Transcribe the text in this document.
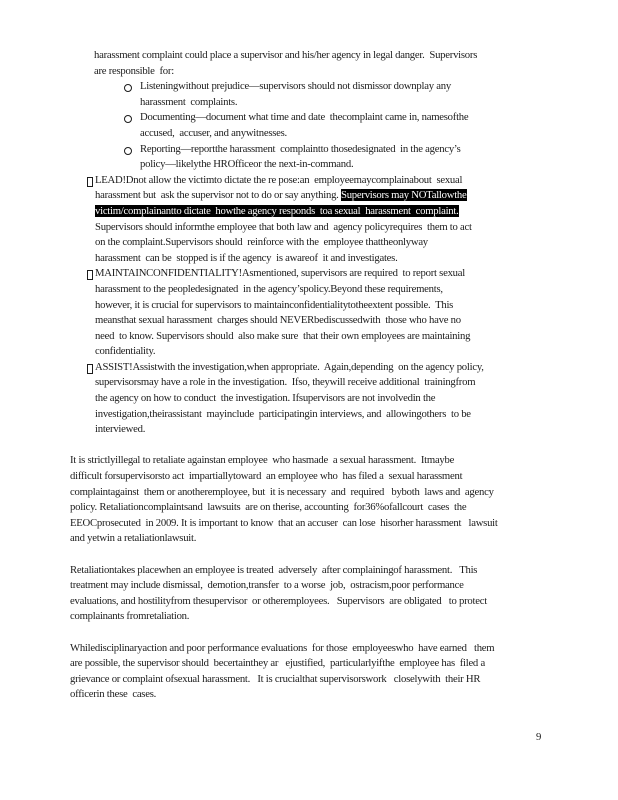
harassment complaint could place a supervisor and his/her agency in legal danger.  Supervisors
are responsible  for:
Listeningwithout prejudice—supervisors should not dismissor downplay any
harassment  complaints.
Documenting—document what time and date  thecomplaint came in, namesofthe
accused,  accuser, and anywitnesses.
Reporting—reportthe harassment  complaintto thosedesignated  in the agency’s
policy—likelythe HROfficeor the next-in-command.
LEAD!Dnot allow the victimto dictate the re pose:an  employeemaycomplainabout  sexual
harassment but  ask the supervisor not to do or say anything. Supervisors may NOTallowthe
victim/complainantto dictate  howthe agency responds  toa sexual  harassment  complaint.
Supervisors should informthe employee that both law and  agency policyrequires  them to act
on the complaint.Supervisors should  reinforce with the  employee thattheonlyway
harassment  can be  stopped is if the agency  is awareof  it and investigates.
MAINTAINCONFIDENTIALITY!Asmentioned, supervisors are required  to report sexual
harassment to the peopledesignated  in the agency’spolicy.Beyond these requirements,
however, it is crucial for supervisors to maintainconfidentialitytotheextent possible.  This
meansthat sexual harassment  charges should NEVERbediscussedwith  those who have no
need  to know. Supervisors should  also make sure  that their own employees are maintaining
confidentiality.
ASSIST!Assistwith the investigation,when appropriate.  Again,depending  on the agency policy,
supervisorsmay have a role in the investigation.  Ifso, theywill receive additional  trainingfrom
the agency on how to conduct  the investigation. Ifsupervisors are not involvedin the
investigation,theirassistant  mayinclude  participatingin interviews, and  allowingothers  to be
interviewed.
It is strictlyillegal to retaliate againstan employee  who hasmade  a sexual harassment.  Itmaybe
difficult forsupervisorsto act  impartiallytoward  an employee who  has filed a  sexual harassment
complaintagainst  them or anotheremployee, but  it is necessary  and  required   byboth  laws and  agency
policy. Retaliationcomplaintsand  lawsuits  are on therise, accounting  for36%ofallcourt  cases  the
EEOCprosecuted  in 2009. It is important to know  that an accuser  can lose  hisorher harassment   lawsuit
and yetwin a retaliationlawsuit.
Retaliationtakes placewhen an employee is treated  adversely  after complainingof harassment.   This
treatment may include dismissal,  demotion,transfer  to a worse  job,  ostracism,poor performance
evaluations, and hostilityfrom thesupervisor  or otheremployees.   Supervisors  are obligated   to protect
complainants fromretaliation.
Whiledisciplinaryaction and poor performance evaluations  for those  employeeswho  have earned   them
are possible, the supervisor should  becertainthey ar   ejustified,  particularlyifthe  employee has  filed a
grievance or complaint ofsexual harassment.   It is crucialthat supervisorswork   closelywith  their HR
officerin these  cases.
9
